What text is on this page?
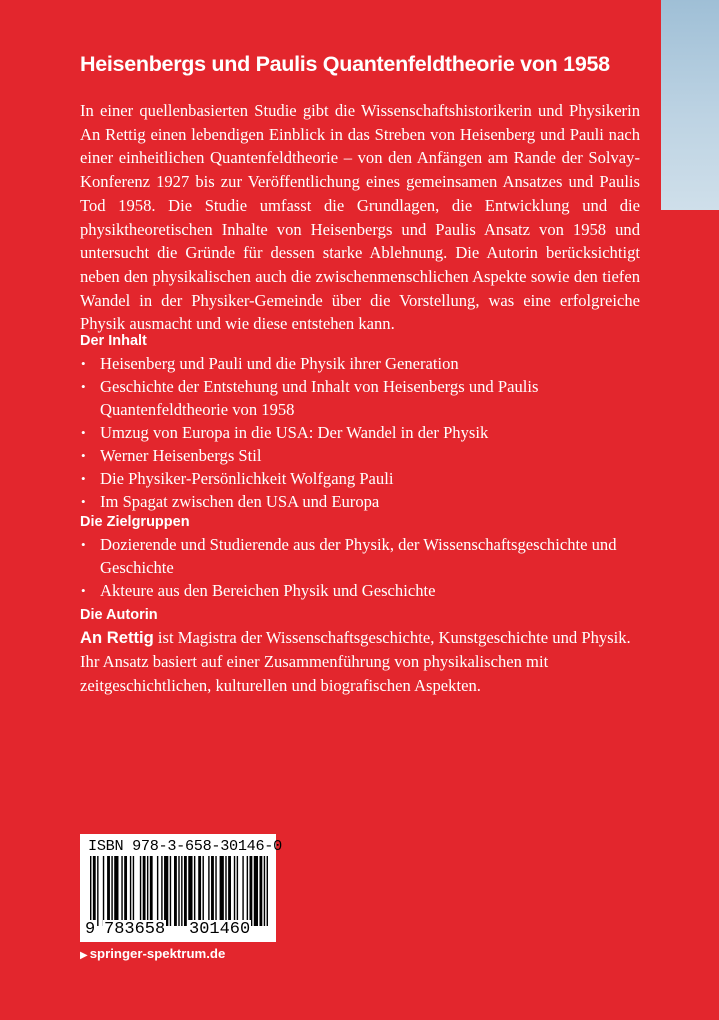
Heisenbergs und Paulis Quantenfeldtheorie von 1958

In einer quellenbasierten Studie gibt die Wissenschaftshistorikerin und Physikerin An Rettig einen lebendigen Einblick in das Streben von Heisenberg und Pauli nach einer einheitlichen Quantenfeldtheorie – von den Anfängen am Rande der Solvay-Konferenz 1927 bis zur Veröffentlichung eines gemeinsamen Ansatzes und Paulis Tod 1958. Die Studie umfasst die Grundlagen, die Entwicklung und die physiktheoretischen Inhalte von Heisenbergs und Paulis Ansatz von 1958 und untersucht die Gründe für dessen starke Ablehnung. Die Autorin berücksichtigt neben den physikalischen auch die zwischenmenschlichen Aspekte sowie den tiefen Wandel in der Physiker-Gemeinde über die Vorstellung, was eine erfolgreiche Physik ausmacht und wie diese entstehen kann.

Der Inhalt
• Heisenberg und Pauli und die Physik ihrer Generation
• Geschichte der Entstehung und Inhalt von Heisenbergs und Paulis Quantenfeldtheorie von 1958
• Umzug von Europa in die USA: Der Wandel in der Physik
• Werner Heisenbergs Stil
• Die Physiker-Persönlichkeit Wolfgang Pauli
• Im Spagat zwischen den USA und Europa
Die Zielgruppen
• Dozierende und Studierende aus der Physik, der Wissenschaftsgeschichte und Geschichte
• Akteure aus den Bereichen Physik und Geschichte
Die Autorin

An Rettig ist Magistra der Wissenschaftsgeschichte, Kunstgeschichte und Physik. Ihr Ansatz basiert auf einer Zusammenführung von physikalischen mit zeitgeschichtlichen, kulturellen und biografischen Aspekten.

ISBN 978-3-658-30146-0
9 783658 301460
▶ springer-spektrum.de
